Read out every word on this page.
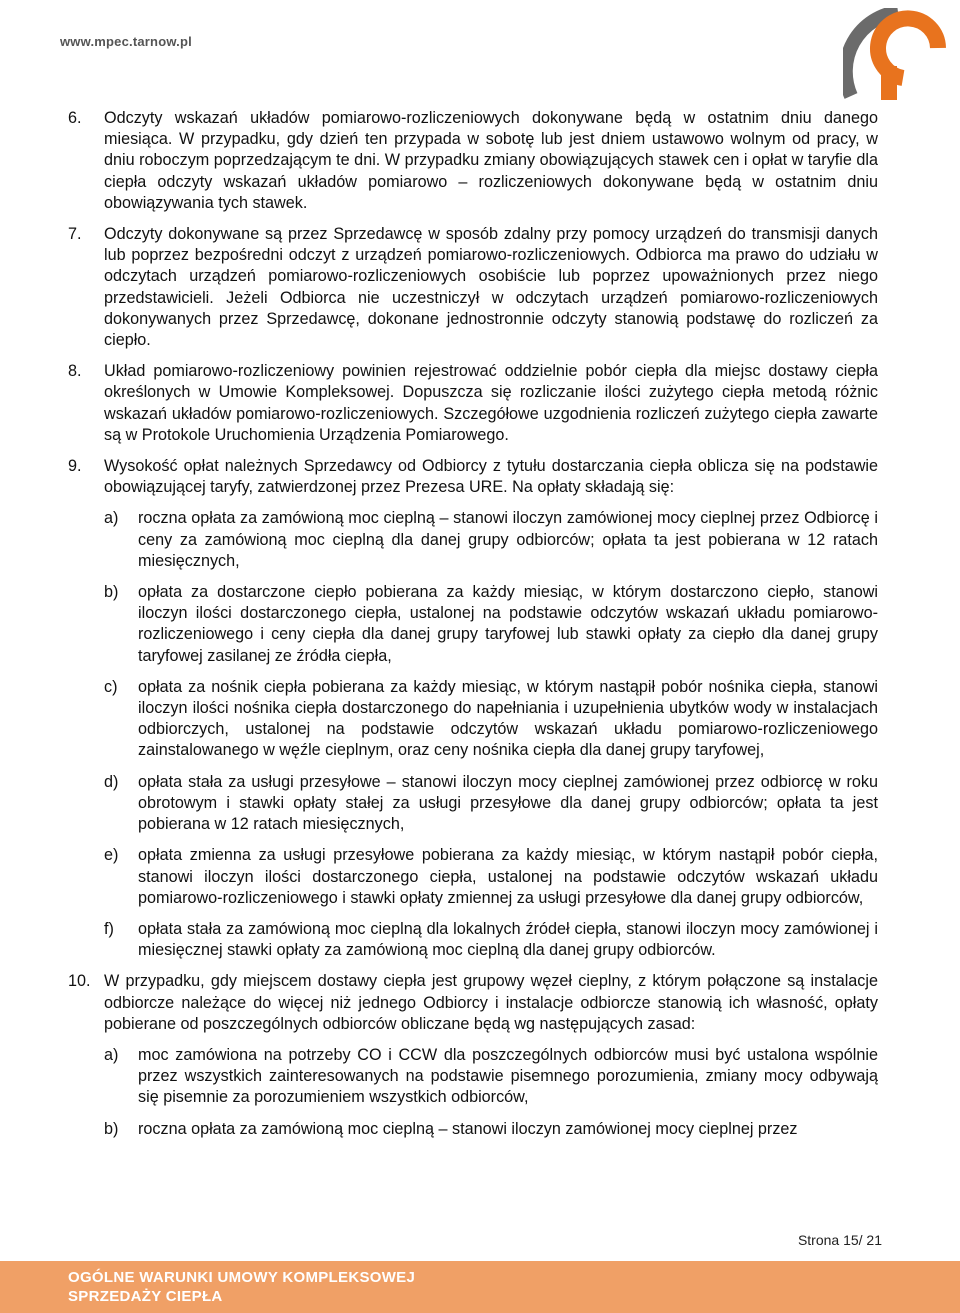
www.mpec.tarnow.pl
6. Odczyty wskazań układów pomiarowo-rozliczeniowych dokonywane będą w ostatnim dniu danego miesiąca. W przypadku, gdy dzień ten przypada w sobotę lub jest dniem ustawowo wolnym od pracy, w dniu roboczym poprzedzającym te dni. W przypadku zmiany obowiązujących stawek cen i opłat w taryfie dla ciepła odczyty wskazań układów pomiarowo – rozliczeniowych dokonywane będą w ostatnim dniu obowiązywania tych stawek.

7. Odczyty dokonywane są przez Sprzedawcę w sposób zdalny przy pomocy urządzeń do transmisji danych lub poprzez bezpośredni odczyt z urządzeń pomiarowo-rozliczeniowych. Odbiorca ma prawo do udziału w odczytach urządzeń pomiarowo-rozliczeniowych osobiście lub poprzez upoważnionych przez niego przedstawicieli. Jeżeli Odbiorca nie uczestniczył w odczytach urządzeń pomiarowo-rozliczeniowych dokonywanych przez Sprzedawcę, dokonane jednostronnie odczyty stanowią podstawę do rozliczeń za ciepło.

8. Układ pomiarowo-rozliczeniowy powinien rejestrować oddzielnie pobór ciepła dla miejsc dostawy ciepła określonych w Umowie Kompleksowej. Dopuszcza się rozliczanie ilości zużytego ciepła metodą różnic wskazań układów pomiarowo-rozliczeniowych. Szczegółowe uzgodnienia rozliczeń zużytego ciepła zawarte są w Protokole Uruchomienia Urządzenia Pomiarowego.

9. Wysokość opłat należnych Sprzedawcy od Odbiorcy z tytułu dostarczania ciepła oblicza się na podstawie obowiązującej taryfy, zatwierdzonej przez Prezesa URE. Na opłaty składają się:

a) roczna opłata za zamówioną moc cieplną – stanowi iloczyn zamówionej mocy cieplnej przez Odbiorcę i ceny za zamówioną moc cieplną dla danej grupy odbiorców; opłata ta jest pobierana w 12 ratach miesięcznych,

b) opłata za dostarczone ciepło pobierana za każdy miesiąc, w którym dostarczono ciepło, stanowi iloczyn ilości dostarczonego ciepła, ustalonej na podstawie odczytów wskazań układu pomiarowo-rozliczeniowego i ceny ciepła dla danej grupy taryfowej lub stawki opłaty za ciepło dla danej grupy taryfowej zasilanej ze źródła ciepła,

c) opłata za nośnik ciepła pobierana za każdy miesiąc, w którym nastąpił pobór nośnika ciepła, stanowi iloczyn ilości nośnika ciepła dostarczonego do napełniania i uzupełnienia ubytków wody w instalacjach odbiorczych, ustalonej na podstawie odczytów wskazań układu pomiarowo-rozliczeniowego zainstalowanego w węźle cieplnym, oraz ceny nośnika ciepła dla danej grupy taryfowej,

d) opłata stała za usługi przesyłowe – stanowi iloczyn mocy cieplnej zamówionej przez odbiorcę w roku obrotowym i stawki opłaty stałej za usługi przesyłowe dla danej grupy odbiorców; opłata ta jest pobierana w 12 ratach miesięcznych,

e) opłata zmienna za usługi przesyłowe pobierana za każdy miesiąc, w którym nastąpił pobór ciepła, stanowi iloczyn ilości dostarczonego ciepła, ustalonej na podstawie odczytów wskazań układu pomiarowo-rozliczeniowego i stawki opłaty zmiennej za usługi przesyłowe dla danej grupy odbiorców,

f) opłata stała za zamówioną moc cieplną dla lokalnych źródeł ciepła, stanowi iloczyn mocy zamówionej i miesięcznej stawki opłaty za zamówioną moc cieplną dla danej grupy odbiorców.

10. W przypadku, gdy miejscem dostawy ciepła jest grupowy węzeł cieplny, z którym połączone są instalacje odbiorcze należące do więcej niż jednego Odbiorcy i instalacje odbiorcze stanowią ich własność, opłaty pobierane od poszczególnych odbiorców obliczane będą wg następujących zasad:

a) moc zamówiona na potrzeby CO i CCW dla poszczególnych odbiorców musi być ustalona wspólnie przez wszystkich zainteresowanych na podstawie pisemnego porozumienia, zmiany mocy odbywają się pisemnie za porozumieniem wszystkich odbiorców,

b) roczna opłata za zamówioną moc cieplną – stanowi iloczyn zamówionej mocy cieplnej przez

Strona 15/ 21
OGÓLNE WARUNKI UMOWY KOMPLEKSOWEJ
SPRZEDAŻY CIEPŁA
